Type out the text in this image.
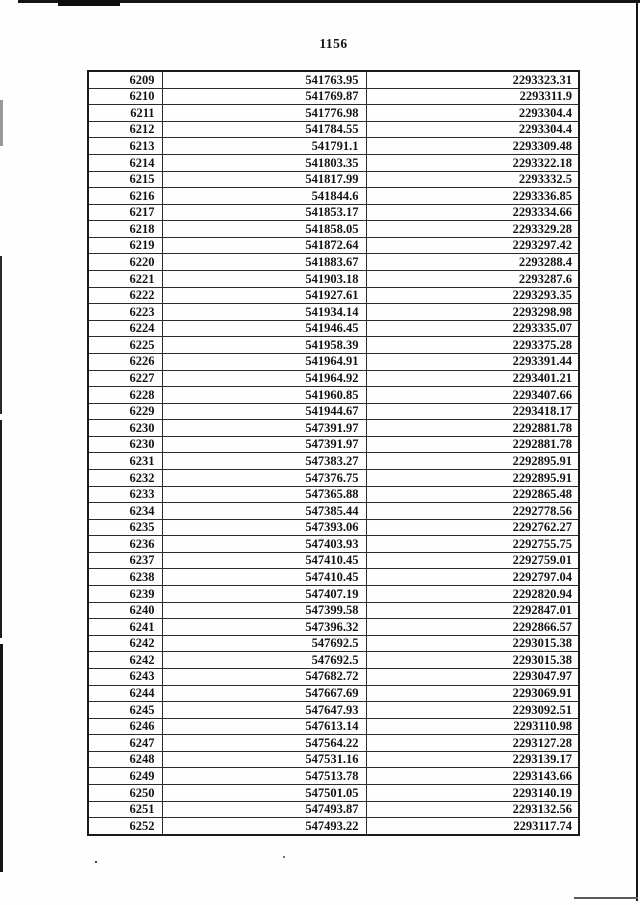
1156
6209	541763.95	2293323.31
6210	541769.87	2293311.9
6211	541776.98	2293304.4
6212	541784.55	2293304.4
6213	541791.1	2293309.48
6214	541803.35	2293322.18
6215	541817.99	2293332.5
6216	541844.6	2293336.85
6217	541853.17	2293334.66
6218	541858.05	2293329.28
6219	541872.64	2293297.42
6220	541883.67	2293288.4
6221	541903.18	2293287.6
6222	541927.61	2293293.35
6223	541934.14	2293298.98
6224	541946.45	2293335.07
6225	541958.39	2293375.28
6226	541964.91	2293391.44
6227	541964.92	2293401.21
6228	541960.85	2293407.66
6229	541944.67	2293418.17
6230	547391.97	2292881.78
6230	547391.97	2292881.78
6231	547383.27	2292895.91
6232	547376.75	2292895.91
6233	547365.88	2292865.48
6234	547385.44	2292778.56
6235	547393.06	2292762.27
6236	547403.93	2292755.75
6237	547410.45	2292759.01
6238	547410.45	2292797.04
6239	547407.19	2292820.94
6240	547399.58	2292847.01
6241	547396.32	2292866.57
6242	547692.5	2293015.38
6242	547692.5	2293015.38
6243	547682.72	2293047.97
6244	547667.69	2293069.91
6245	547647.93	2293092.51
6246	547613.14	2293110.98
6247	547564.22	2293127.28
6248	547531.16	2293139.17
6249	547513.78	2293143.66
6250	547501.05	2293140.19
6251	547493.87	2293132.56
6252	547493.22	2293117.74
